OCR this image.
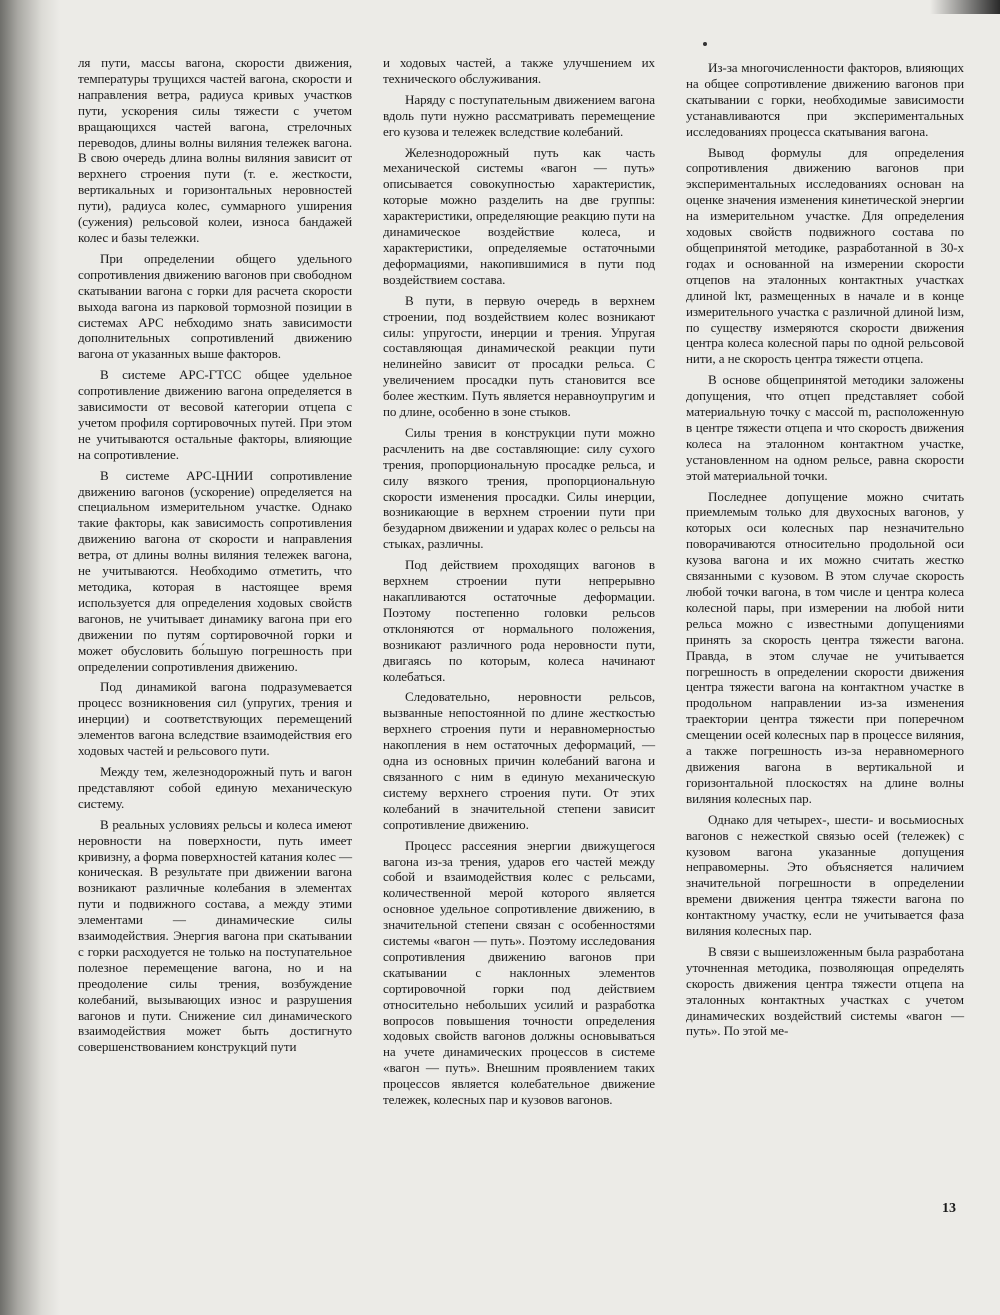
ля пути, массы вагона, скорости движения, температуры трущихся частей вагона, скорости и направления ветра, радиуса кривых участков пути, ускорения силы тяжести с учетом вращающихся частей вагона, стрелочных переводов, длины волны виляния тележек вагона. В свою очередь длина волны виляния зависит от верхнего строения пути (т. е. жесткости, вертикальных и горизонтальных неровностей пути), радиуса колес, суммарного уширения (сужения) рельсовой колеи, износа бандажей колес и базы тележки.

При определении общего удельного сопротивления движению вагонов при свободном скатывании вагона с горки для расчета скорости выхода вагона из парковой тормозной позиции в системах АРС небходимо знать зависимости дополнительных сопротивлений движению вагона от указанных выше факторов.

В системе АРС-ГТСС общее удельное сопротивление движению вагона определяется в зависимости от весовой категории отцепа с учетом профиля сортировочных путей. При этом не учитываются остальные факторы, влияющие на сопротивление.

В системе АРС-ЦНИИ сопротивление движению вагонов (ускорение) определяется на специальном измерительном участке. Однако такие факторы, как зависимость сопротивления движению вагона от скорости и направления ветра, от длины волны виляния тележек вагона, не учитываются. Необходимо отметить, что методика, которая в настоящее время используется для определения ходовых свойств вагонов, не учитывает динамику вагона при его движении по путям сортировочной горки и может обусловить бо́льшую погрешность при определении сопротивления движению.

Под динамикой вагона подразумевается процесс возникновения сил (упругих, трения и инерции) и соответствующих перемещений элементов вагона вследствие взаимодействия его ходовых частей и рельсового пути.

Между тем, железнодорожный путь и вагон представляют собой единую механическую систему.

В реальных условиях рельсы и колеса имеют неровности на поверхности, путь имеет кривизну, а форма поверхностей катания колес — коническая. В результате при движении вагона возникают различные колебания в элементах пути и подвижного состава, а между этими элементами — динамические силы взаимодействия. Энергия вагона при скатывании с горки расходуется не только на поступательное полезное перемещение вагона, но и на преодоление силы трения, возбуждение колебаний, вызывающих износ и разрушения вагонов и пути. Снижение сил динамического взаимодействия может быть достигнуто совершенствованием конструкций пути

и ходовых частей, а также улучшением их технического обслуживания.

Наряду с поступательным движением вагона вдоль пути нужно рассматривать перемещение его кузова и тележек вследствие колебаний.

Железнодорожный путь как часть механической системы «вагон — путь» описывается совокупностью характеристик, которые можно разделить на две группы: характеристики, определяющие реакцию пути на динамическое воздействие колеса, и характеристики, определяемые остаточными деформациями, накопившимися в пути под воздействием состава.

В пути, в первую очередь в верхнем строении, под воздействием колес возникают силы: упругости, инерции и трения. Упругая составляющая динамической реакции пути нелинейно зависит от просадки рельса. С увеличением просадки путь становится все более жестким. Путь является неравноупругим и по длине, особенно в зоне стыков.

Силы трения в конструкции пути можно расчленить на две составляющие: силу сухого трения, пропорциональную просадке рельса, и силу вязкого трения, пропорциональную скорости изменения просадки. Силы инерции, возникающие в верхнем строении пути при безударном движении и ударах колес о рельсы на стыках, различны.

Под действием проходящих вагонов в верхнем строении пути непрерывно накапливаются остаточные деформации. Поэтому постепенно головки рельсов отклоняются от нормального положения, возникают различного рода неровности пути, двигаясь по которым, колеса начинают колебаться.

Следовательно, неровности рельсов, вызванные непостоянной по длине жесткостью верхнего строения пути и неравномерностью накопления в нем остаточных деформаций, — одна из основных причин колебаний вагона и связанного с ним в единую механическую систему верхнего строения пути. От этих колебаний в значительной степени зависит сопротивление движению.

Процесс рассеяния энергии движущегося вагона из-за трения, ударов его частей между собой и взаимодействия колес с рельсами, количественной мерой которого является основное удельное сопротивление движению, в значительной степени связан с особенностями системы «вагон — путь». Поэтому исследования сопротивления движению вагонов при скатывании с наклонных элементов сортировочной горки под действием относительно небольших усилий и разработка вопросов повышения точности определения ходовых свойств вагонов должны основываться на учете динамических процессов в системе «вагон — путь». Внешним проявлением таких процессов является колебательное движение тележек, колесных пар и кузовов вагонов.

Из-за многочисленности факторов, влияющих на общее сопротивление движению вагонов при скатывании с горки, необходимые зависимости устанавливаются при экспериментальных исследованиях процесса скатывания вагона.

Вывод формулы для определения сопротивления движению вагонов при экспериментальных исследованиях основан на оценке значения изменения кинетической энергии на измерительном участке. Для определения ходовых свойств подвижного состава по общепринятой методике, разработанной в 30-х годах и основанной на измерении скорости отцепов на эталонных контактных участках длиной lкт, размещенных в начале и в конце измерительного участка с различной длиной lизм, по существу измеряются скорости движения центра колеса колесной пары по одной рельсовой нити, а не скорость центра тяжести отцепа.

В основе общепринятой методики заложены допущения, что отцеп представляет собой материальную точку с массой m, расположенную в центре тяжести отцепа и что скорость движения колеса на эталонном контактном участке, установленном на одном рельсе, равна скорости этой материальной точки.

Последнее допущение можно считать приемлемым только для двухосных вагонов, у которых оси колесных пар незначительно поворачиваются относительно продольной оси кузова вагона и их можно считать жестко связанными с кузовом. В этом случае скорость любой точки вагона, в том числе и центра колеса колесной пары, при измерении на любой нити рельса можно с известными допущениями принять за скорость центра тяжести вагона. Правда, в этом случае не учитывается погрешность в определении скорости движения центра тяжести вагона на контактном участке в продольном направлении из-за изменения траектории центра тяжести при поперечном смещении осей колесных пар в процессе виляния, а также погрешность из-за неравномерного движения вагона в вертикальной и горизонтальной плоскостях на длине волны виляния колесных пар.

Однако для четырех-, шести- и восьмиосных вагонов с нежесткой связью осей (тележек) с кузовом вагона указанные допущения неправомерны. Это объясняется наличием значительной погрешности в определении времени движения центра тяжести вагона по контактному участку, если не учитывается фаза виляния колесных пар.

В связи с вышеизложенным была разработана уточненная методика, позволяющая определять скорость движения центра тяжести отцепа на эталонных контактных участках с учетом динамических воздействий системы «вагон — путь». По этой ме-

13
